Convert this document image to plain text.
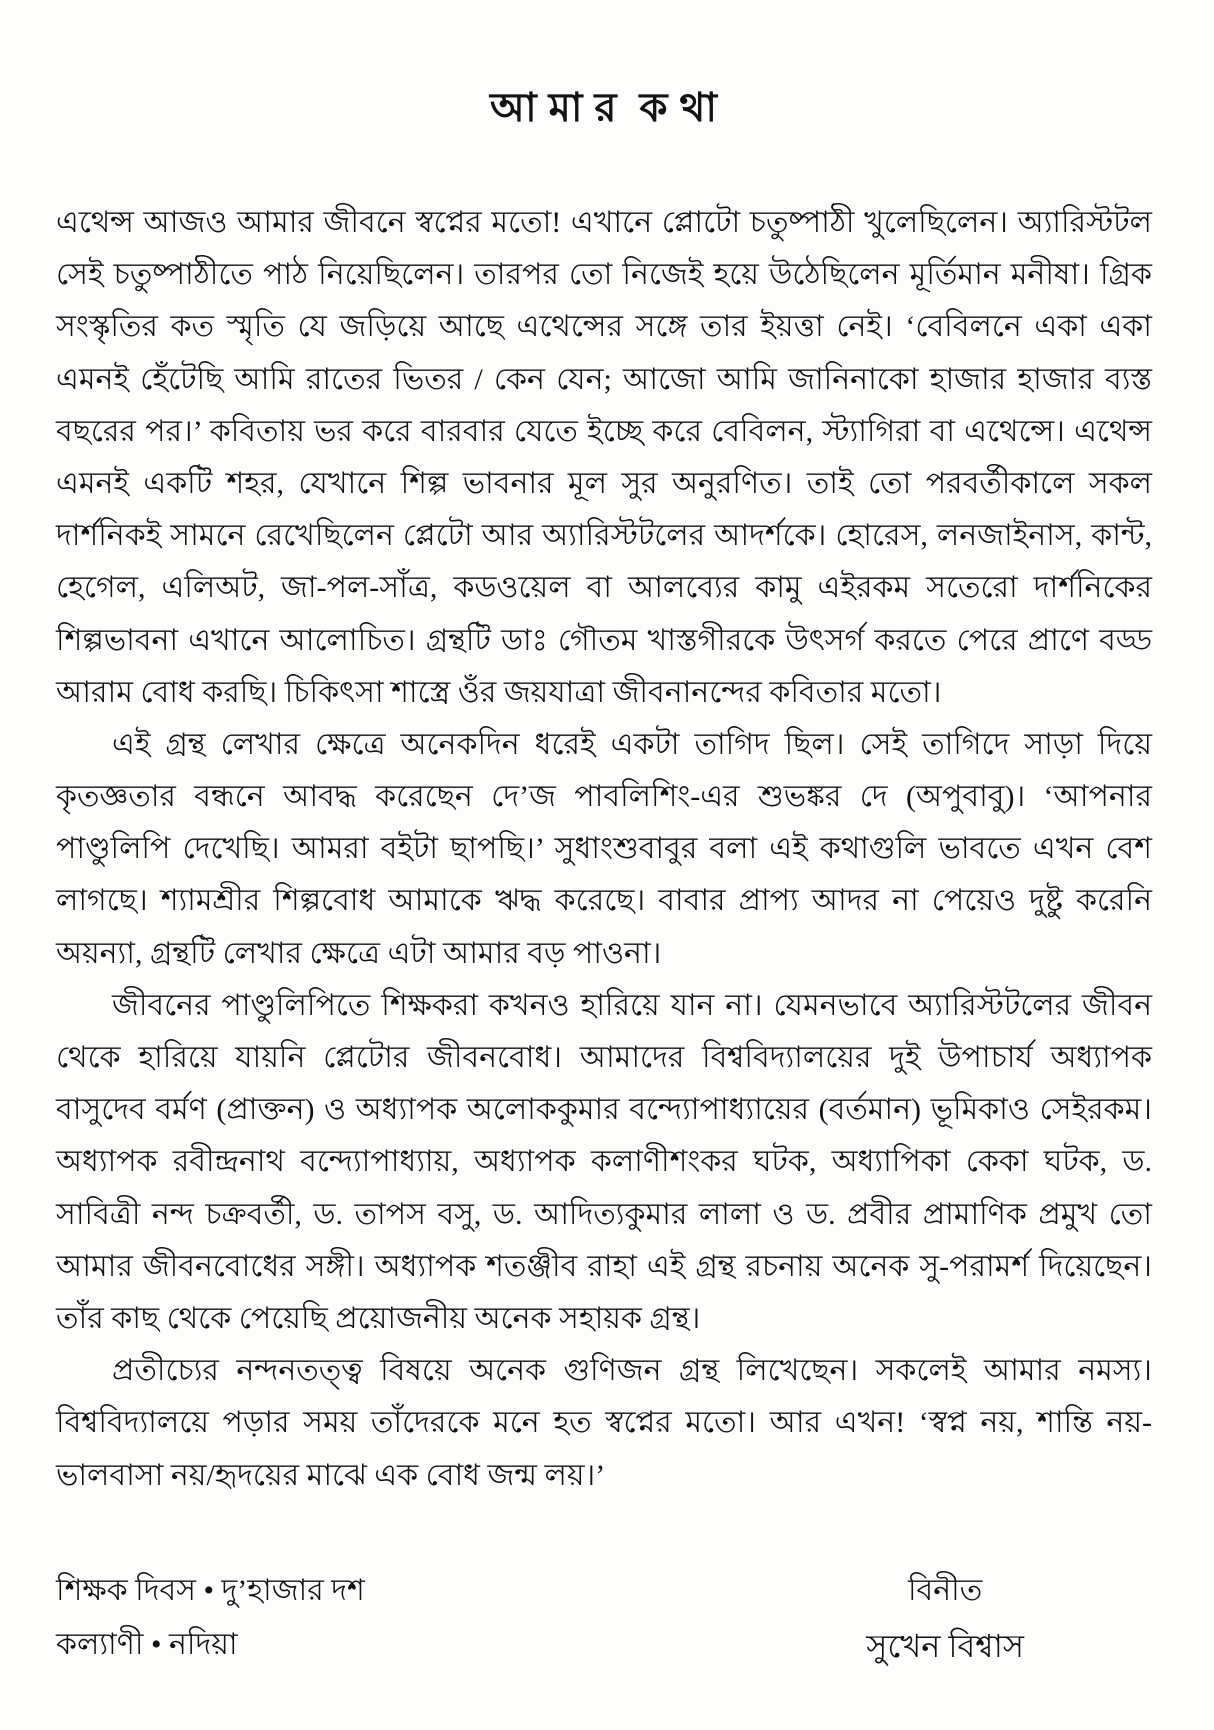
আ মা র  ক থা

এথেন্স আজও আমার জীবনে স্বপ্নের মতো! এখানে প্লোটো চতুষ্পাঠী খুলেছিলেন। অ্যারিস্টটল সেই চতুষ্পাঠীতে পাঠ নিয়েছিলেন। তারপর তো নিজেই হয়ে উঠেছিলেন মূর্তিমান মনীষা। গ্রিক সংস্কৃতির কত স্মৃতি যে জড়িয়ে আছে এথেন্সের সঙ্গে তার ইয়ত্তা নেই। ‘বেবিলনে একা একা এমনই হেঁটেছি আমি রাতের ভিতর / কেন যেন; আজো আমি জানিনাকো হাজার হাজার ব্যস্ত বছরের পর।’ কবিতায় ভর করে বারবার যেতে ইচ্ছে করে বেবিলন, স্ট্যাগিরা বা এথেন্সে। এথেন্স এমনই একটি শহর, যেখানে শিল্প ভাবনার মূল সুর অনুরণিত। তাই তো পরবর্তীকালে সকল দার্শনিকই সামনে রেখেছিলেন প্লেটো আর অ্যারিস্টটলের আদর্শকে। হোরেস, লনজাইনাস, কান্ট, হেগেল, এলিঅট, জা-পল-সাঁত্র, কডওয়েল বা আলব্যের কামু এইরকম সতেরো দার্শনিকের শিল্পভাবনা এখানে আলোচিত। গ্রন্থটি ডাঃ গৌতম খাস্তগীরকে উৎসর্গ করতে পেরে প্রাণে বড্ড আরাম বোধ করছি। চিকিৎসা শাস্ত্রে ওঁর জয়যাত্রা জীবনানন্দের কবিতার মতো।

এই গ্রন্থ লেখার ক্ষেত্রে অনেকদিন ধরেই একটা তাগিদ ছিল। সেই তাগিদে সাড়া দিয়ে কৃতজ্ঞতার বন্ধনে আবদ্ধ করেছেন দে’জ পাবলিশিং-এর শুভঙ্কর দে (অপুবাবু)। ‘আপনার পাণ্ডুলিপি দেখেছি। আমরা বইটা ছাপছি।’ সুধাংশুবাবুর বলা এই কথাগুলি ভাবতে এখন বেশ লাগছে। শ্যামশ্রীর শিল্পবোধ আমাকে ঋদ্ধ করেছে। বাবার প্রাপ্য আদর না পেয়েও দুষ্টু করেনি অয়ন্যা, গ্রন্থটি লেখার ক্ষেত্রে এটা আমার বড় পাওনা।

জীবনের পাণ্ডুলিপিতে শিক্ষকরা কখনও হারিয়ে যান না। যেমনভাবে অ্যারিস্টটলের জীবন থেকে হারিয়ে যায়নি প্লেটোর জীবনবোধ। আমাদের বিশ্ববিদ্যালয়ের দুই উপাচার্য অধ্যাপক বাসুদেব বর্মণ (প্রাক্তন) ও অধ্যাপক অলোককুমার বন্দ্যোপাধ্যায়ের (বর্তমান) ভূমিকাও সেইরকম। অধ্যাপক রবীন্দ্রনাথ বন্দ্যোপাধ্যায়, অধ্যাপক কলাণীশংকর ঘটক, অধ্যাপিকা কেকা ঘটক, ড. সাবিত্রী নন্দ চক্রবর্তী, ড. তাপস বসু, ড. আদিত্যকুমার লালা ও ড. প্রবীর প্রামাণিক প্রমুখ তো আমার জীবনবোধের সঙ্গী। অধ্যাপক শতঞ্জীব রাহা এই গ্রন্থ রচনায় অনেক সু-পরামর্শ দিয়েছেন। তাঁর কাছ থেকে পেয়েছি প্রয়োজনীয় অনেক সহায়ক গ্রন্থ।

প্রতীচ্যের নন্দনতত্ত্ব বিষয়ে অনেক গুণিজন গ্রন্থ লিখেছেন। সকলেই আমার নমস্য। বিশ্ববিদ্যালয়ে পড়ার সময় তাঁদেরকে মনে হত স্বপ্নের মতো। আর এখন! ‘স্বপ্ন নয়, শান্তি নয়-ভালবাসা নয়/হৃদয়ের মাঝে এক বোধ জন্ম লয়।’

শিক্ষক দিবস • দু’হাজার দশ
কল্যাণী • নদিয়া
বিনীত
সুখেন বিশ্বাস
